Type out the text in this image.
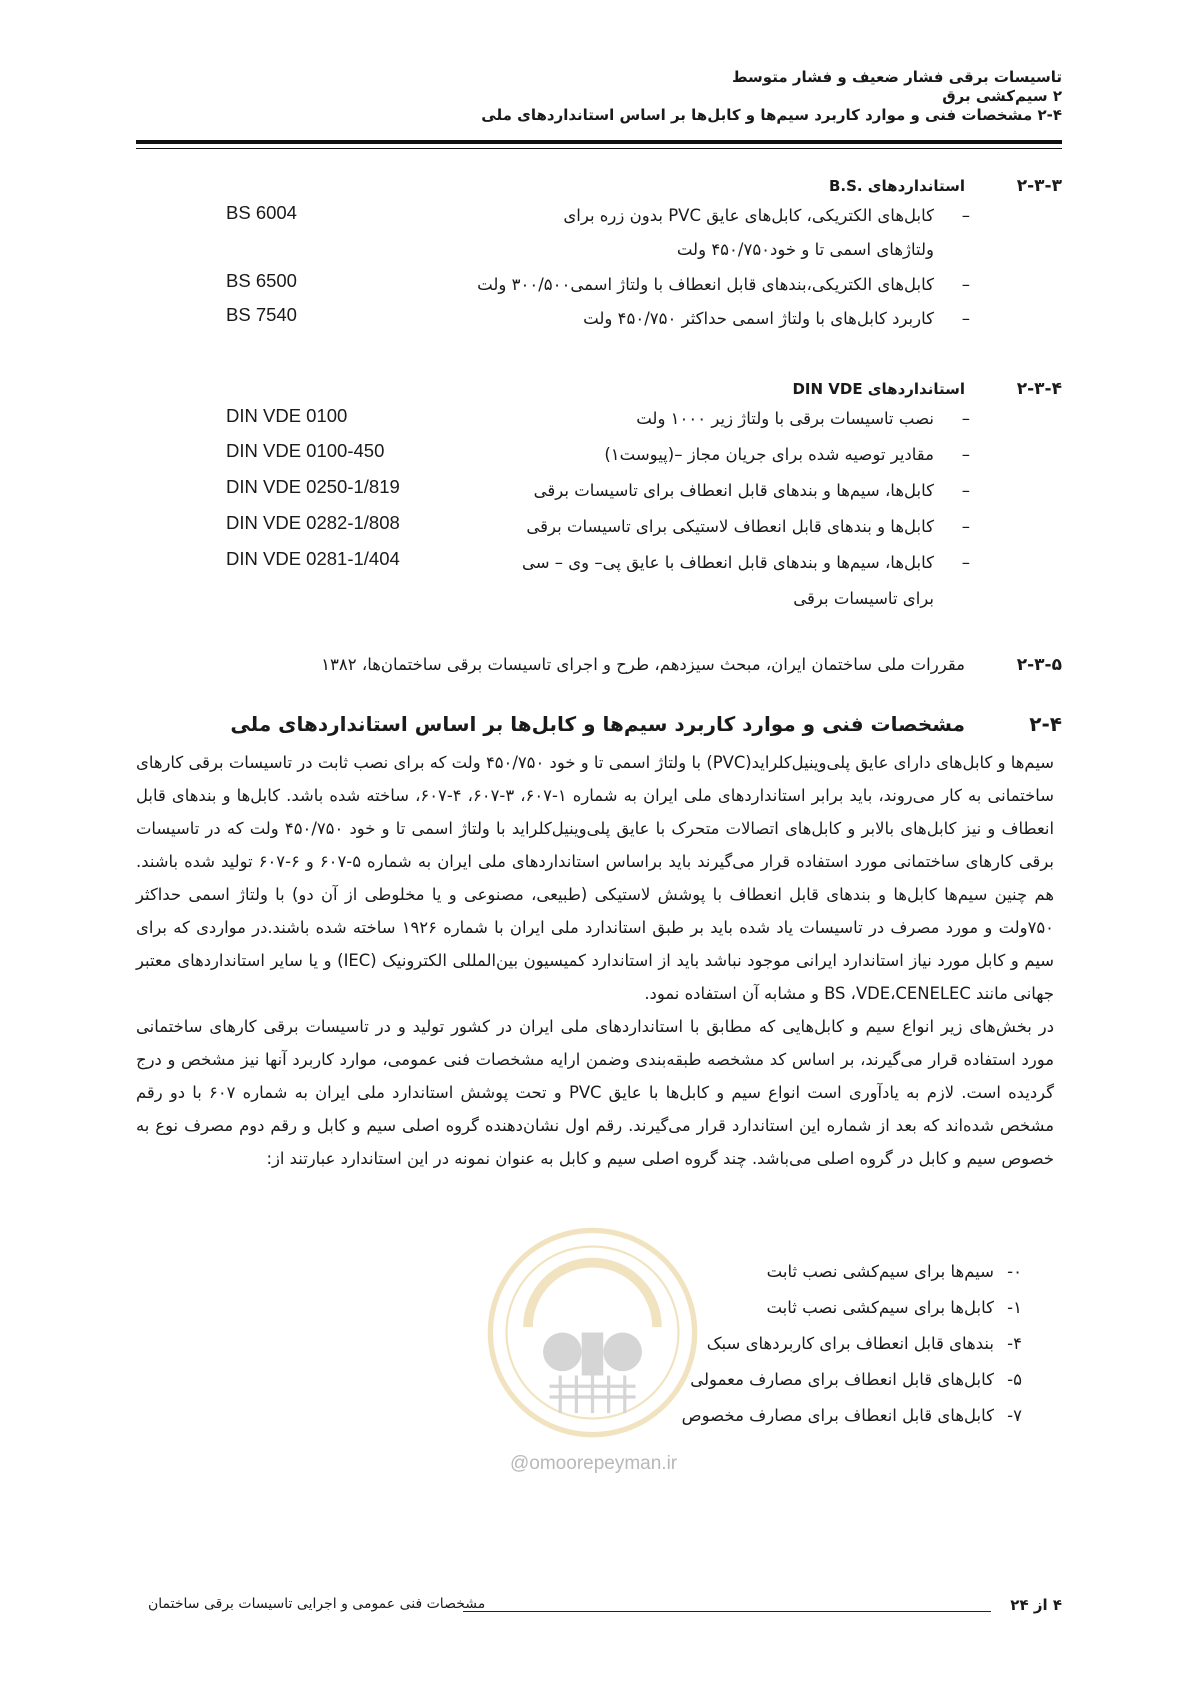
تاسیسات برقی فشار ضعیف و فشار متوسط
۲ سیم‌کشی برق
۲-۴ مشخصات فنی و موارد کاربرد سیم‌ها و کابل‌ها بر اساس استانداردهای ملی
۲-۳-۳
استانداردهای .B.S
–کابل‌های الکتریکی، کابل‌های عایق PVC بدون زره برای
ولتاژهای اسمی تا و خود۴۵۰/۷۵۰ ولت
BS 6004
–کابل‌های الکتریکی،بندهای قابل انعطاف با ولتاژ اسمی۳۰۰/۵۰۰ ولت
BS 6500
–کاربرد کابل‌های با ولتاژ اسمی حداکثر ۴۵۰/۷۵۰ ولت
BS 7540
۲-۳-۴
استانداردهای DIN VDE
–نصب تاسیسات برقی با ولتاژ زیر ۱۰۰۰ ولت
DIN VDE 0100
–مقادیر توصیه شده برای جریان مجاز –(پیوست۱)
DIN VDE 0100-450
–کابل‌ها، سیم‌ها و بندهای قابل انعطاف برای تاسیسات برقی
DIN VDE 0250-1/819
–کابل‌ها و بندهای قابل انعطاف لاستیکی برای تاسیسات برقی
DIN VDE 0282-1/808
–کابل‌ها، سیم‌ها و بندهای قابل انعطاف با عایق پی– وی – سی
برای تاسیسات برقی
DIN VDE 0281-1/404
۲-۳-۵
مقررات ملی ساختمان ایران، مبحث سیزدهم، طرح و اجرای تاسیسات برقی ساختمان‌ها، ۱۳۸۲
۲-۴
مشخصات فنی و موارد کاربرد سیم‌ها و کابل‌ها بر اساس استانداردهای ملی

سیم‌ها و کابل‌های دارای عایق پلی‌وینیل‌کلراید(PVC) با ولتاژ اسمی تا و خود ۴۵۰/۷۵۰ ولت که برای نصب ثابت در تاسیسات برقی کارهای ساختمانی به کار می‌روند، باید برابر استانداردهای ملی ایران به شماره ۱-۶۰۷، ۳-۶۰۷، ۴-۶۰۷، ساخته شده باشد. کابل‌ها و بندهای قابل انعطاف و نیز کابل‌های بالابر و کابل‌های اتصالات متحرک با عایق پلی‌وینیل‌کلراید با ولتاژ اسمی تا و خود ۴۵۰/۷۵۰ ولت که در تاسیسات برقی کارهای ساختمانی مورد استفاده قرار می‌گیرند باید براساس استانداردهای ملی ایران به شماره ۵-۶۰۷ و ۶-۶۰۷ تولید شده باشند. هم چنین سیم‌ها کابل‌ها و بندهای قابل انعطاف با پوشش لاستیکی (طبیعی، مصنوعی و یا مخلوطی از آن دو) با ولتاژ اسمی حداکثر ۷۵۰ولت و مورد مصرف در تاسیسات یاد شده باید بر طبق استاندارد ملی ایران با شماره ۱۹۲۶ ساخته شده باشند.در مواردی که برای سیم و کابل مورد نیاز استاندارد ایرانی موجود نباشد باید از استاندارد کمیسیون بین‌المللی الکترونیک (IEC) و یا سایر استانداردهای معتبر جهانی مانند BS ،VDE،CENELEC و مشابه آن استفاده نمود.

در بخش‌های زیر انواع سیم و کابل‌هایی که مطابق با استانداردهای ملی ایران در کشور تولید و در تاسیسات برقی کارهای ساختمانی مورد استفاده قرار می‌گیرند، بر اساس کد مشخصه طبقه‌بندی وضمن ارایه مشخصات فنی عمومی، موارد کاربرد آنها نیز مشخص و درج گردیده است. لازم به یادآوری است انواع سیم و کابل‌ها با عایق PVC و تحت پوشش استاندارد ملی ایران به شماره ۶۰۷ با دو رقم مشخص شده‌اند که بعد از شماره این استاندارد قرار می‌گیرند. رقم اول نشان‌دهنده گروه اصلی سیم و کابل و رقم دوم مصرف نوع به خصوص سیم و کابل در گروه اصلی می‌باشد. چند گروه اصلی سیم و کابل به عنوان نمونه در این استاندارد عبارتند از:

۰-سیم‌ها برای سیم‌کشی نصب ثابت
۱-کابل‌ها برای سیم‌کشی نصب ثابت
۴-بندهای قابل انعطاف برای کاربردهای سبک
۵-کابل‌های قابل انعطاف برای مصارف معمولی
۷-کابل‌های قابل انعطاف برای مصارف مخصوص
@omoorepeyman.ir
مشخصات فنی عمومی و اجرایی تاسیسات برقی ساختمان	۴ از ۲۴
